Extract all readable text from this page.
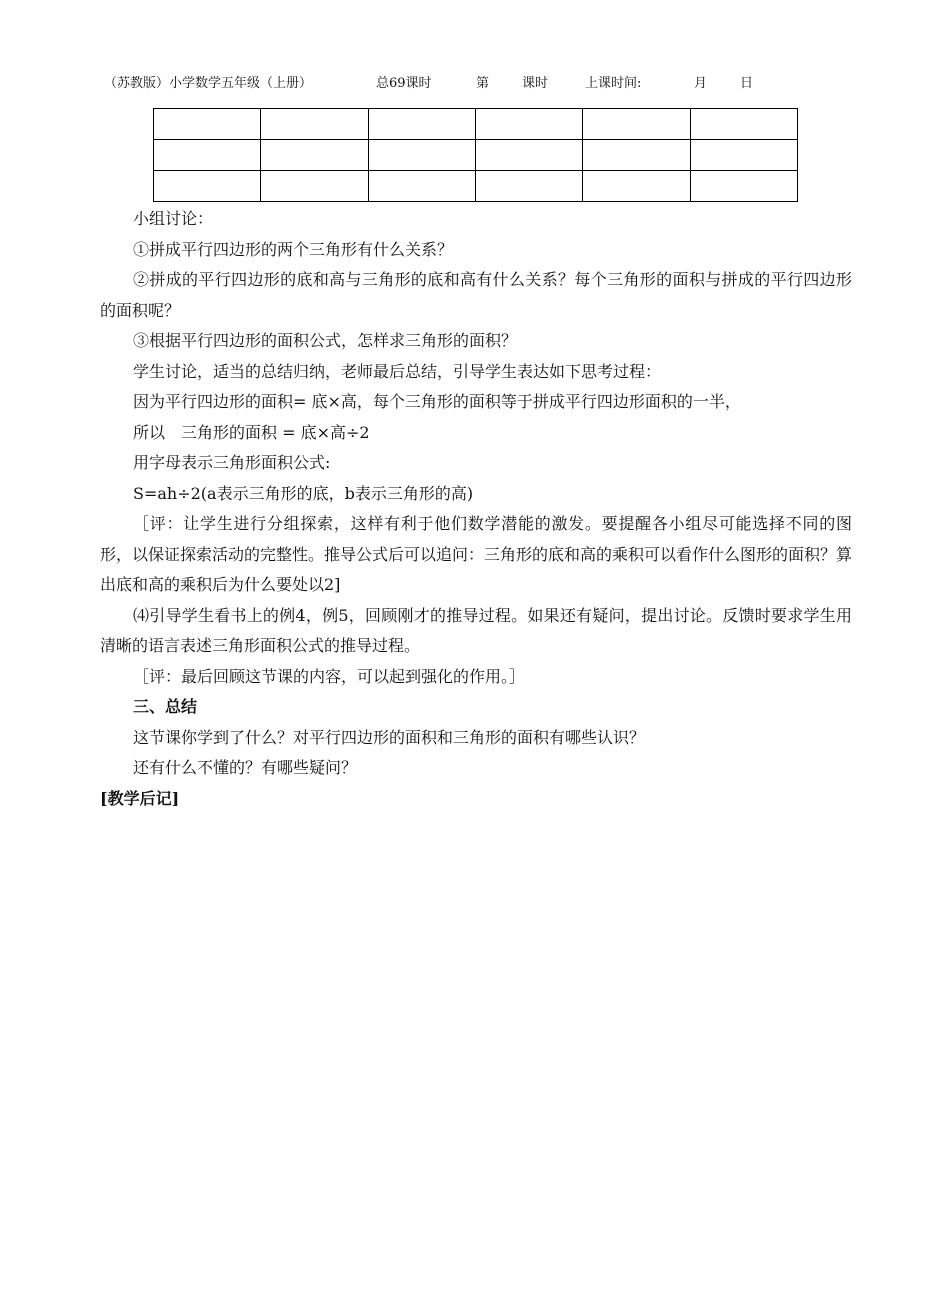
（苏教版）小学数学五年级（上册）	总69课时	第	课时	上课时间:	月	日

小组讨论：

①拼成平行四边形的两个三角形有什么关系？

②拼成的平行四边形的底和高与三角形的底和高有什么关系？每个三角形的面积与拼成的平行四边形的面积呢？

③根据平行四边形的面积公式，怎样求三角形的面积？

学生讨论，适当的总结归纳，老师最后总结，引导学生表达如下思考过程：

因为平行四边形的面积= 底×高，每个三角形的面积等于拼成平行四边形面积的一半，

所以　三角形的面积 = 底×高÷2

用字母表示三角形面积公式:

S=ah÷2(a表示三角形的底，b表示三角形的高)

［评：让学生进行分组探索，这样有利于他们数学潜能的激发。要提醒各小组尽可能选择不同的图形，以保证探索活动的完整性。推导公式后可以追问：三角形的底和高的乘积可以看作什么图形的面积？算出底和高的乘积后为什么要处以2]

⑷引导学生看书上的例4，例5，回顾刚才的推导过程。如果还有疑问，提出讨论。反馈时要求学生用清晰的语言表述三角形面积公式的推导过程。

［评：最后回顾这节课的内容，可以起到强化的作用。］

三、总结

这节课你学到了什么？对平行四边形的面积和三角形的面积有哪些认识？

还有什么不懂的？有哪些疑问？

[教学后记]
